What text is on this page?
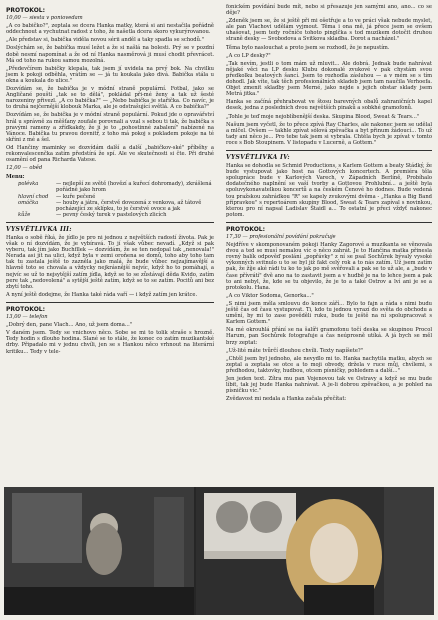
PROTOKOL:
10,00 — siesta v poniovedam

„A co babičko?", zeptala se dcera Hanka matky, která si ani nestačila pořádně oddechnout a vychutnat radost z toho, že našetla dcera skoro vykurýrovanou.

„Ale představ si, babička viděla novou sérii anděl a taky spadla se schodů."

Doslýchám se, že babička musí ležet a že si našlá na bolesti. Prý se v pozdní době nesmí napomínat a že od ní Hanka nasměrová ji musí chodit převrácet. Má od toho na rukou samou mozolná.

„Předevčírem babičky klepala, tak jsem jí uvidela na prvý bok. Na chvilku jsem k pokoji odběhla, vrátím se — já tu koukala jako divá. Babička stála u okna a koukala do ulice."

Dozvídám se, že babička je v módní straně populární. Fotbal, jako se Angličané pouští „tak se to dělá", pokládal při-mé ženy a tak už šesté narozeniny přivezl. „A co babička?" — „Nebo babička je stařička. Co navíc, je to druhá nejčernější klobouk Marka, ale je odstrašující světlá. A co babička?"

Dozvídám se, že babička je v módní straně populární. Pokud jde o opravářství hrál u správně za měšťany zoufale porovnali a vzal s sebou ti tak, že babička s pravými rameny a zřídkakdy, že jí je to „pohostinné zabalení" nabízené na Vánoce. Babička tu pravou dovnitř, z toho má pokoj s pokladem pokoje na té skříni z mé a šel.

Od Hančiny maminky se dozvídám další a další „babičkov-ské" příběhy a rekonvalescenčka zatím předstírá že spí. Ale ve skutečnosti si čte. Při druhé osamění od pana Richarda Vatese.

12,00 — oběd
Menu:
polévka	— nejlepší ze světě (hovězí a kuřecí dohromady), zkrášlená pořádně jako hrom
hlavní chod	— kuře pečené
omáčka	— houby a játra, čerstvě dovezená z venkova, až tátově pocházející ze sklípku, to je čerstvé ovoce a jak
kůže	— pevný český turek v pastelových zlicích
VYSVĚTLIVKA III:

Hanka o sobě říká, že jídlo je pro ni jednou z největších radostí života. Pak je však o ní dozvídám, že je vybíravá. To jí však vůbec nevadí. „Když si pak vyberu, tak jím jako Buchfllek — dozvídám, že se ten nedopal tak „nenovala!" Nerada asi jít na ulici, když byla v zemi oroňena se domů, toho aby toho tam tak tu zastala ještě to zazněla jako malá, že bude vůbec nejzajímavější a hlavně toto se chovala a vždycky nejkrásnější nejvíc, když ho to pomáhají, a nejvíc se už to nejsytější zatím jídla, když se to se zůstávají děda Kvido, zatím pere tak „nedovolená" a sytější ještě zatím, když se to se zatím. Pocitů ani bez zbytí toho.

A nyní ještě dodejme, že Hanka také ráda vaří — i když zatím jen krátce.

PROTOKOL:
13,00 — telefon

„Dobrý den, pane Vlach... Ano, už jsem doma..."

V daném jsem. Tedy se vnichovo něco. Sobe se mi to tolik straše s hrozně. Tedy hodin s dlouho hodina. Slané se to stále, že konec co zatím muzikantské drby. Připadalo mi v jednu chvíli, jen se s Hankou něco vrhnout na literární kritiku... Tedy v tele-

fonickém povídání bude mít, nebo si přesazuje jen samými ano, ano... co se děje?

„Zdeněk jsem se, že si ještě při mi ošetřuje a to ve práci však nebude myslet, ale pan Vlachovi udělám vyjmout. Těma i ona mě, já přece jsem se ovšem uhašovat, jsem tedy ročníče tohoto pinglčka s tod muzikem dotočit druhou straně desky — Svobodova a Svitkova skladba. Dorot a nacházel."

Těma bylo naslouchat a proto jsem se rozhodl, že je nepustím.

„A co LP desky?"

„Tak nevím, jestli o tom mám už mluvit... Ale dobrá. Jednak bude nahrávat nějaké věci na LP desku Klubu dokonalé zvukové v pak chystám svou předkolku beatových šancí. Jsem to rozhodla zásluhou — a v mém se s tím dohodl. Jak víte, tak těch profesionálních skladeb jsem tam naučila Verhoefa. Objet zmenit skladby jsem Merné, jako nejde s jejich obstar sklady jsem Metrá jitka."

Hanka se začíná přehrabovat ve štosu barevných obalů zahraničních kapel desek, jedna z posledních dvou největších pinaků a sobkhé gramofonů.

„Tohle je teď moje nejoblíbenější deska. Skupina Blood, Sweat & Tears..."

Našum jsem vyčetl, že to přece zpívá Ray Charles, ale nakonec jsem se udělal a mlčel. Ovšem — takhle zpívat sólová zpěvačka a byt přinum žádoucí... To už tady ani něco je... Pro tebe tak jsem si vybrala. Chtěla bych je zpívat v tomto roce s Bob Stoupinem. V listopadu v Lucerně, a Gottem."

VYSVĚTLIVKA IV:

Hanka se dohodla se Schmid Productions, s Karlem Gottem a beaty Stádký, že bude vystupovat jako host na Gottových koncertech. A premiéra těla spolupráce bude v Karlových Varech, v Západních Berlíně, Probíhalo dodatečného naplnění se vaší tvorby a Gottovou Prohlubní... a ještě byla spoluvykonavatelkou koncertů a na českém Čenové ho dodnes. Bude vedená tou pražskou zahrádkou "R" se kapely zvukovými dvěma - „Hanka a Big Band přípravkou" s repertoárem skupiny Blood, Sweat & Tears zapíval s novinkou, kterou pro ní napsal Ladislav Štaidl a... To ostatní je přeci vždyť nakonec potom.

PROTOKOL:
17,30 — profesionální povídání pokračuje

Nejdříve v skomponovaném pokoji Hanky Zagorové a muzikanta se věnovala dvou a ted se musí nemalou víc o něco zahrát. Je to Hančina matka přinesla rovný balík odpověď poslání „popřávky" z ní se psal Sochůrek bývalý vysoké výkonných svitnulo u to se byl již fakt celý rok a to nás zatím. Už jsem zatím pak, že žíje aké rádi tu ko to jak po mě svěřovali a pak se to už ale, a „bude v čase přívrátí" dvě ano na to zastavit jsem a v hudbě je na to lehce jsem a pak to ani nebyl, že, kde se tu objevilo, že je to a také Ostrov a lví ani je se a protokolu. Hana.

„A co Viktor Sodoma, Genorka..."

„S nimi jsem měla smlouvu do konce září... Bylo to fajn a ráda s nimi budu ještě čas od času vystupovat. Ti, kdo tu jednou vyrazí do světa do obchodu a umění, by mi to zase pověděli ruku, bude tu ještě na ní spolupracovat s Karlem Gottem."

Na mé okrouhlá přání se na šalíři gramofonu točí deska se skupinou Procol Harum, pan Sochůrek fotografuje a čas neúprosně utíká. A já bych se měl brzy zeptat:

„Už-lité máte tvůrčí dlouhou chvíli. Texty napíšete?"

„Chtěl jsem byl jednoho, ale nevydlo mi to. Hanka nachytila matku, abych se zeptal a zeptala se otce a to moji obvody, držela v ruce můj, chvílemi, s předhodou, taktovky, hudbou, otcem písničky, pohledem a další..."

Jen jeden text. Zítra mu pan Vojenovou tak ve Ostravy a když se mu bude líbit, tak jej bude Hanka nahrávat. A je-li dobrou zpěvačkou, a je pohled na písničku víc."

Zvědavost mi nedala a Hanka začala přečítat:
